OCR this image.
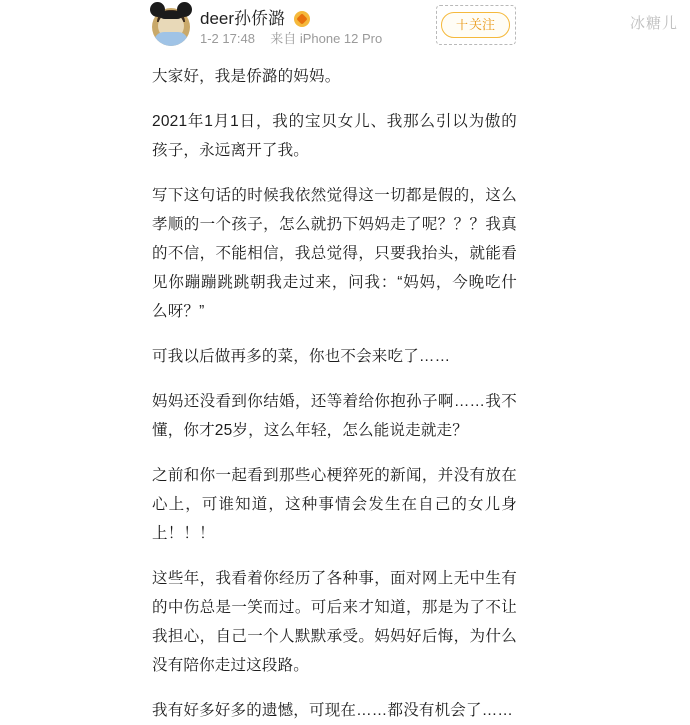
deer孙侨潞
1-2 17:48 来自 iPhone 12 Pro
十关注	冰糖儿

大家好，我是侨潞的妈妈。

2021年1月1日，我的宝贝女儿、我那么引以为傲的孩子，永远离开了我。

写下这句话的时候我依然觉得这一切都是假的，这么孝顺的一个孩子，怎么就扔下妈妈走了呢？？？我真的不信，不能相信，我总觉得，只要我抬头，就能看见你蹦蹦跳跳朝我走过来，问我：“妈妈，今晚吃什么呀？”

可我以后做再多的菜，你也不会来吃了……

妈妈还没看到你结婚，还等着给你抱孙子啊……我不懂，你才25岁，这么年轻，怎么能说走就走？

之前和你一起看到那些心梗猝死的新闻，并没有放在心上，可谁知道，这种事情会发生在自己的女儿身上！！！

这些年，我看着你经历了各种事，面对网上无中生有的中伤总是一笑而过。可后来才知道，那是为了不让我担心，自己一个人默默承受。妈妈好后悔，为什么没有陪你走过这段路。

我有好多好多的遗憾，可现在……都没有机会了……
